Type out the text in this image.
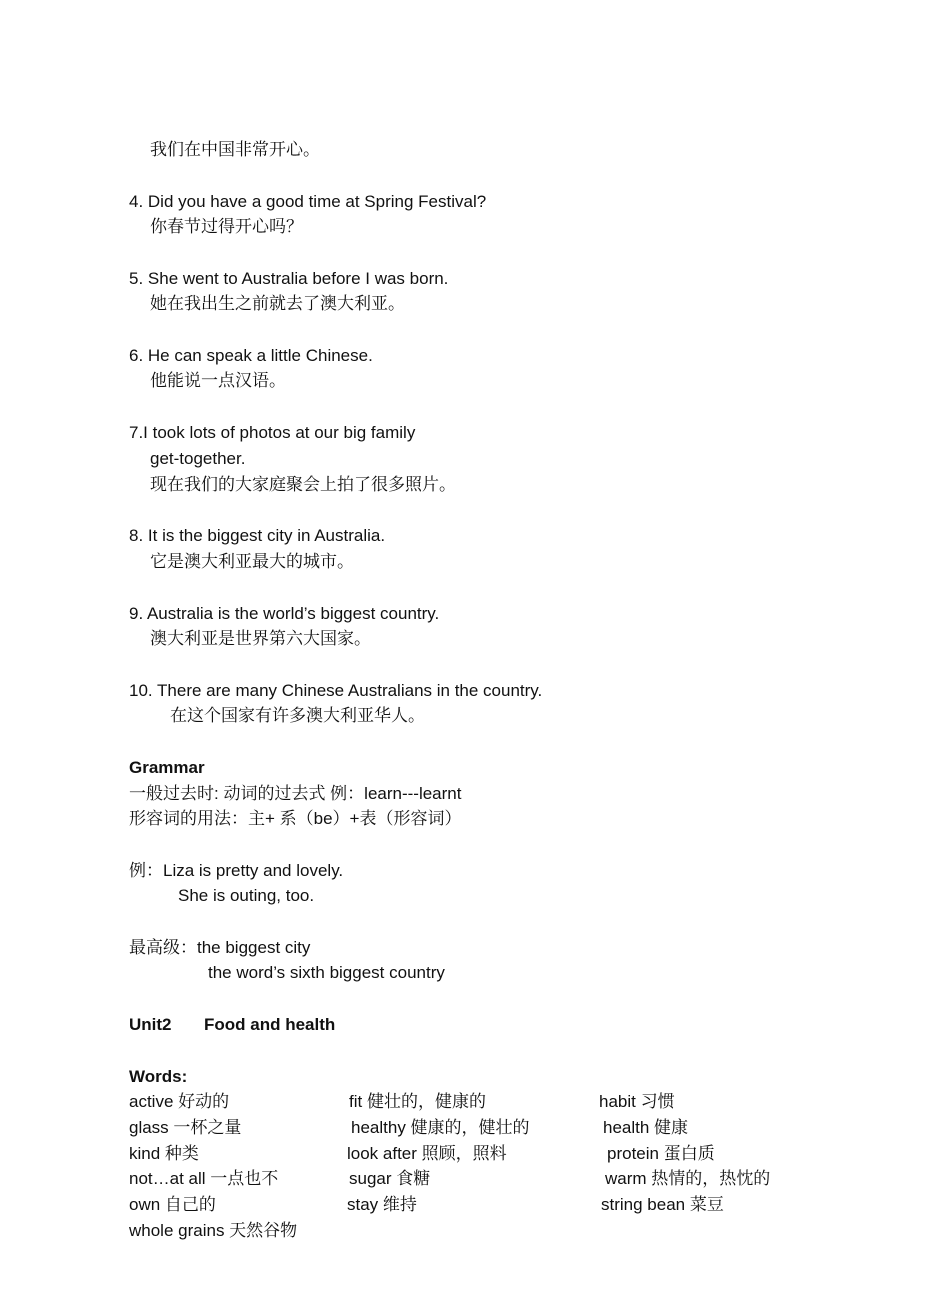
我们在中国非常开心。
4. Did you have a good time at Spring Festival?
你春节过得开心吗？
5. She went to Australia before I was born.
她在我出生之前就去了澳大利亚。
6. He can speak a little Chinese.
他能说一点汉语。
7.I took lots of photos at our big family
get-together.
现在我们的大家庭聚会上拍了很多照片。
8. It is the biggest city in Australia.
它是澳大利亚最大的城市。
9. Australia is the world’s biggest country.
澳大利亚是世界第六大国家。
10. There are many Chinese Australians in the country.
在这个国家有许多澳大利亚华人。
Grammar
一般过去时: 动词的过去式 例：learn---learnt
形容词的用法：主+ 系（be）+表（形容词）
例：Liza is pretty and lovely.
She is outing, too.
最高级：the biggest city
the word’s sixth biggest country
Unit2 Food and health
Words:
active 好动的	fit 健壮的，健康的	habit 习惯
glass 一杯之量	healthy 健康的，健壮的	health 健康
kind 种类	look after 照顾，照料	protein 蛋白质
not…at all 一点也不	sugar 食糖	warm 热情的，热忱的
own 自己的	stay 维持	string bean 菜豆
whole grains 天然谷物
